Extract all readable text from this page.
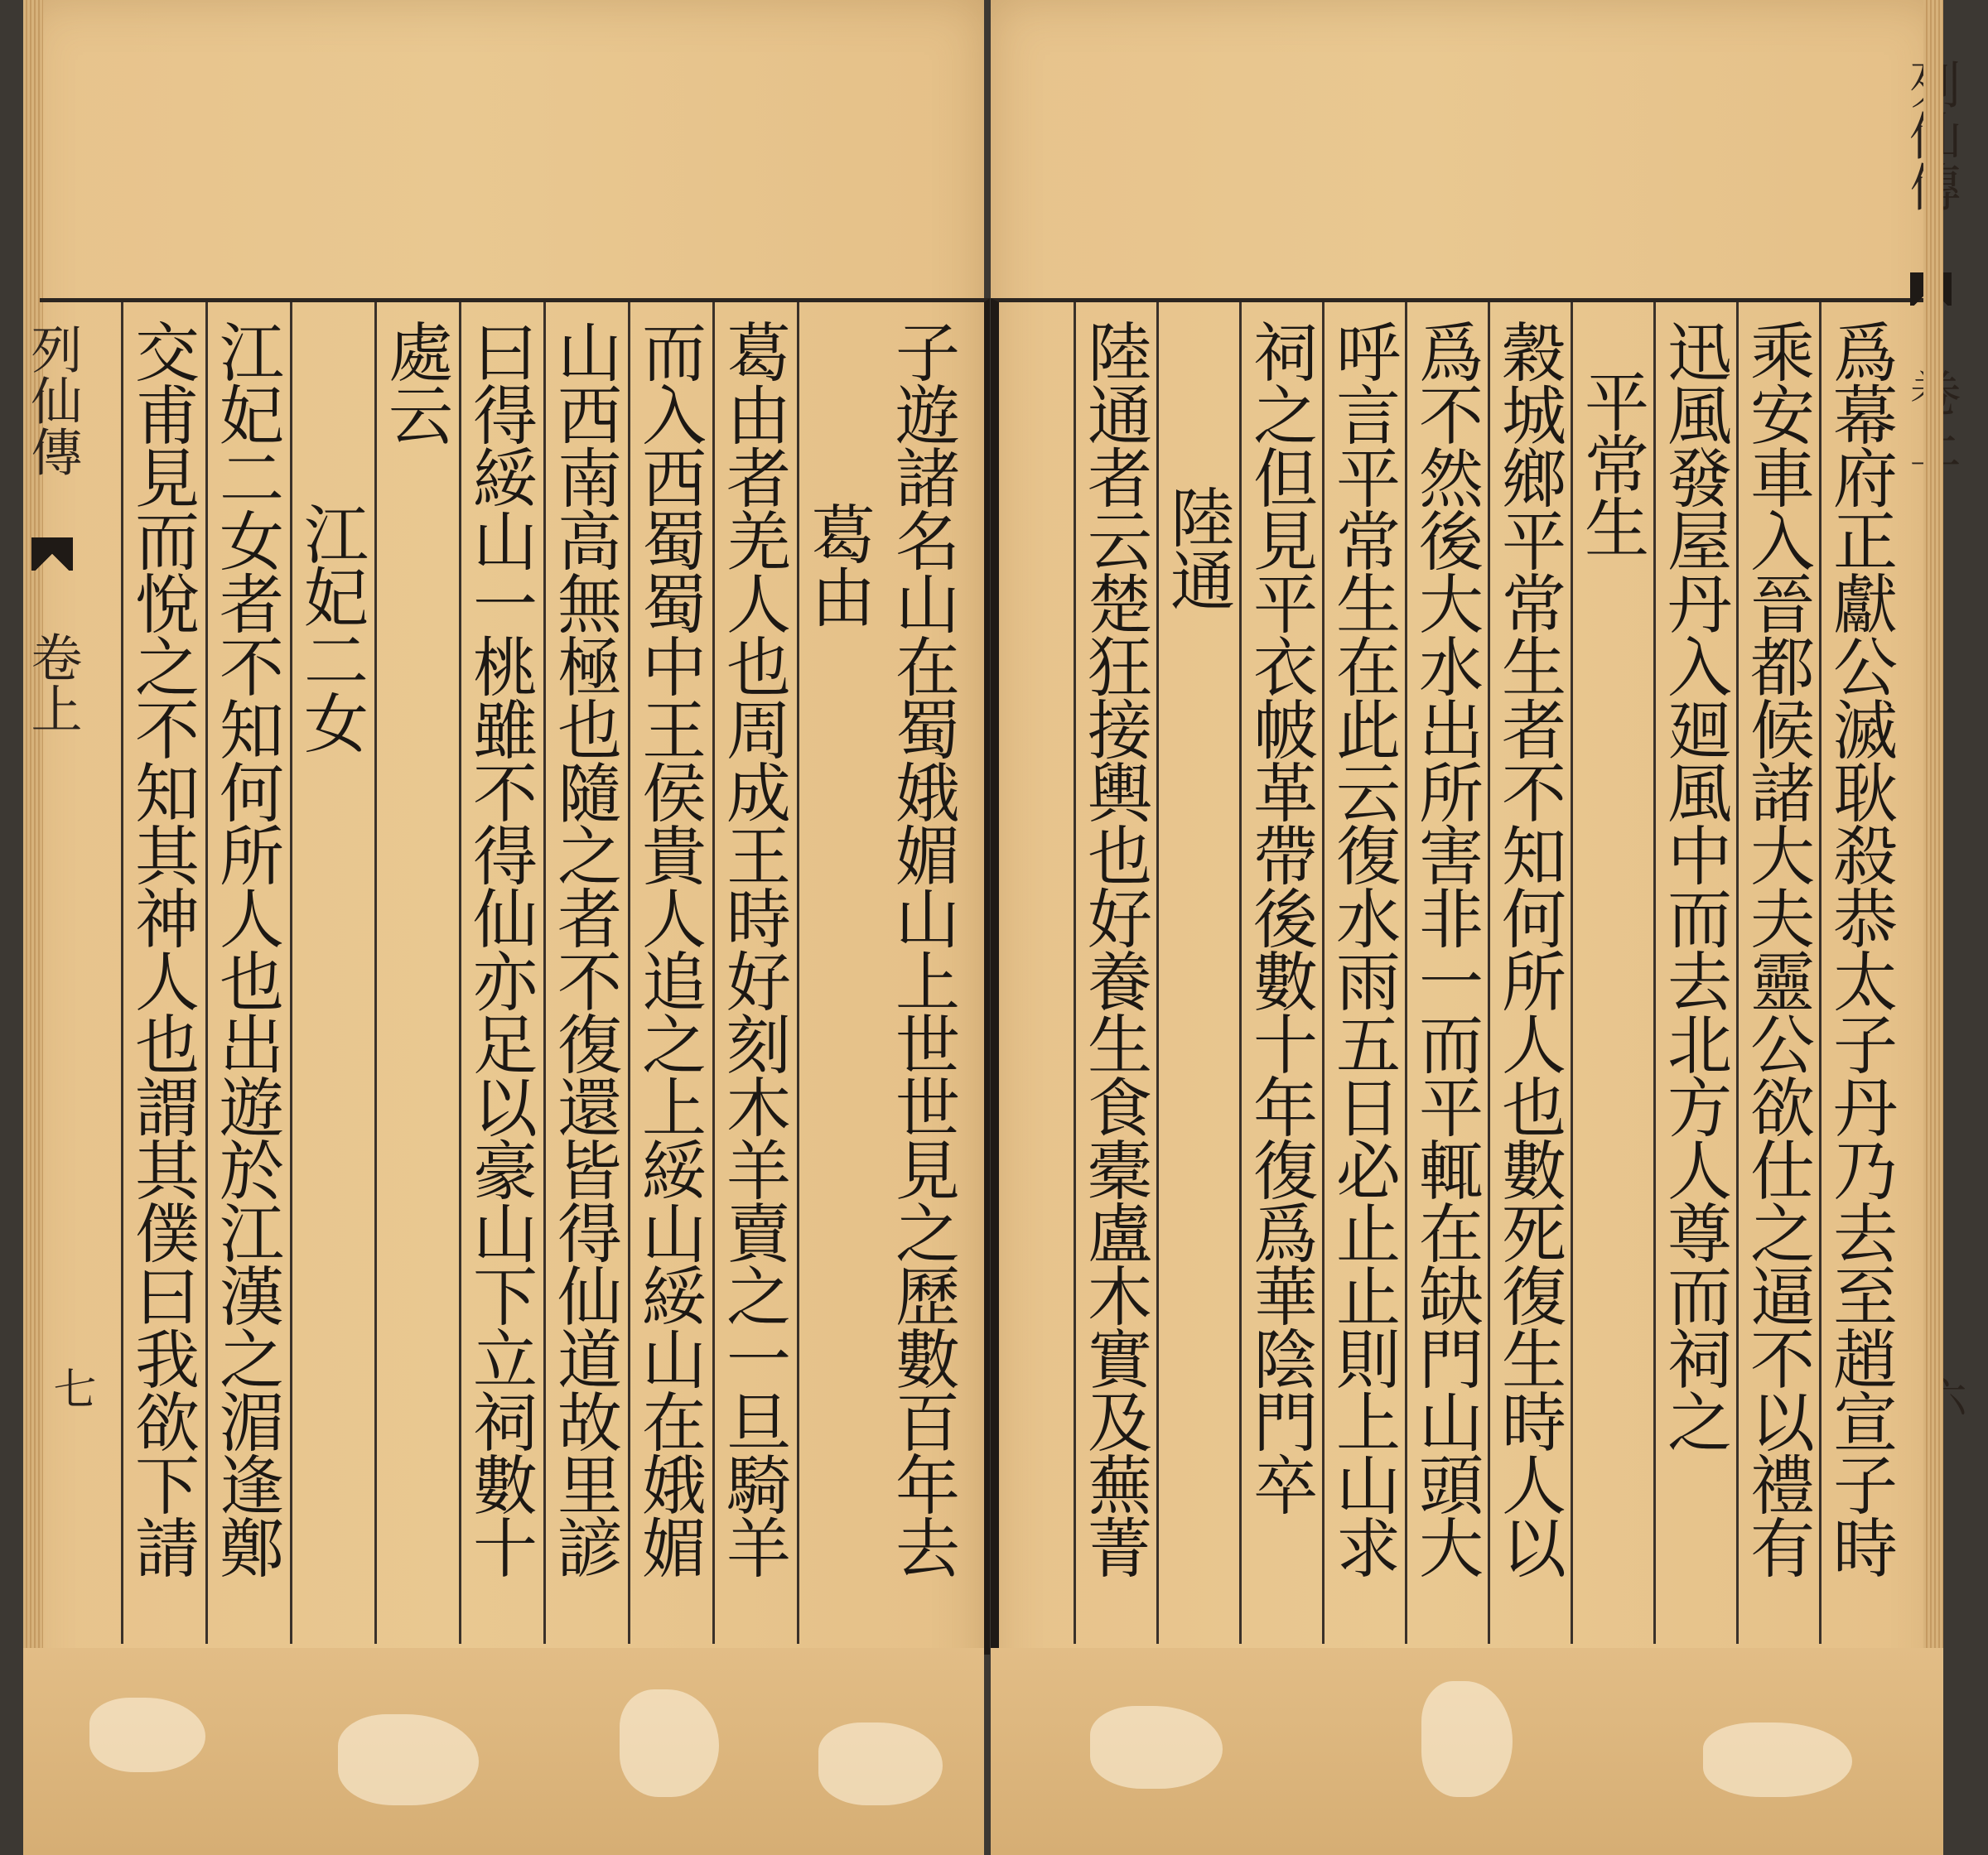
列仙傳  卷上
七	子遊諸名山在蜀娥媚山上世世見之歷數百年去
葛由
葛由者羌人也周成王時好刻木羊賣之一旦騎羊
而入西蜀蜀中王侯貴人追之上綏山綏山在娥媚
山西南高無極也隨之者不復還皆得仙道故里諺
曰得綏山一桃雖不得仙亦足以豪山下立祠數十
處云
江妃二女
江妃二女者不知何所人也出遊於江漢之湄逢鄭
交甫見而悅之不知其神人也謂其僕曰我欲下請	爲幕府正獻公滅耿殺恭太子丹乃去至趙宣子時
乘安車入晉都候諸大夫靈公欲仕之逼不以禮有
迅風發屋丹入廻風中而去北方人尊而祠之
平常生
穀城鄉平常生者不知何所人也數死復生時人以
爲不然後大水出所害非一而平輒在缺門山頭大
呼言平常生在此云復水雨五日必止止則上山求
祠之但見平衣帔革帶後數十年復爲華陰門卒
陸通
陸通者云楚狂接輿也好養生食橐盧木實及蕪菁
